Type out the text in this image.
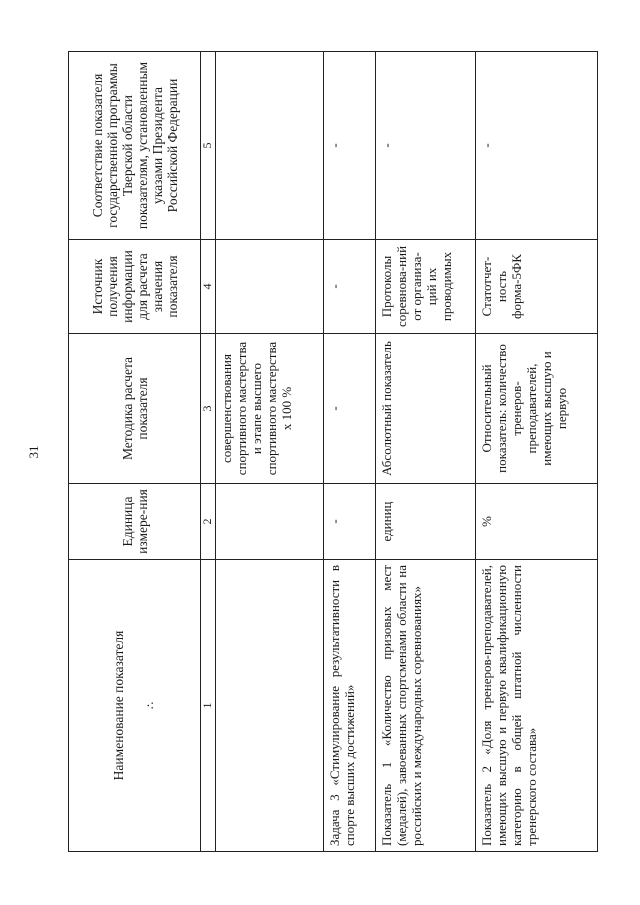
31
Наименование показателя ∴	Единица измере-ния	Методика расчета показателя	Источник получения информации для расчета значения показателя	Соответствие показателя государственной программы Тверской области показателям, установленным указами Президента Российской Федерации
1	2	3	4	5
		совершенствования спортивного мастерства и этапе высшего спортивного мастерства х 100 %		
Задача 3 «Стимулирование результативности в спорте высших достижений»	-	-	-	-
Показатель 1 «Количество призовых мест (медалей), завоеванных спортсменами области на российских и международных соревнованиях»	единиц	Абсолютный показатель	Протоколы соревнова-ний от организа-ций их проводимых	-
Показатель 2 «Доля тренеров-преподавателей, имеющих высшую и первую квалификационную категорию в общей штатной численности тренерского состава»	%	Относительный показатель: количество тренеров-преподавателей, имеющих высшую и первую	Статотчет-ность форма-5ФК	-
